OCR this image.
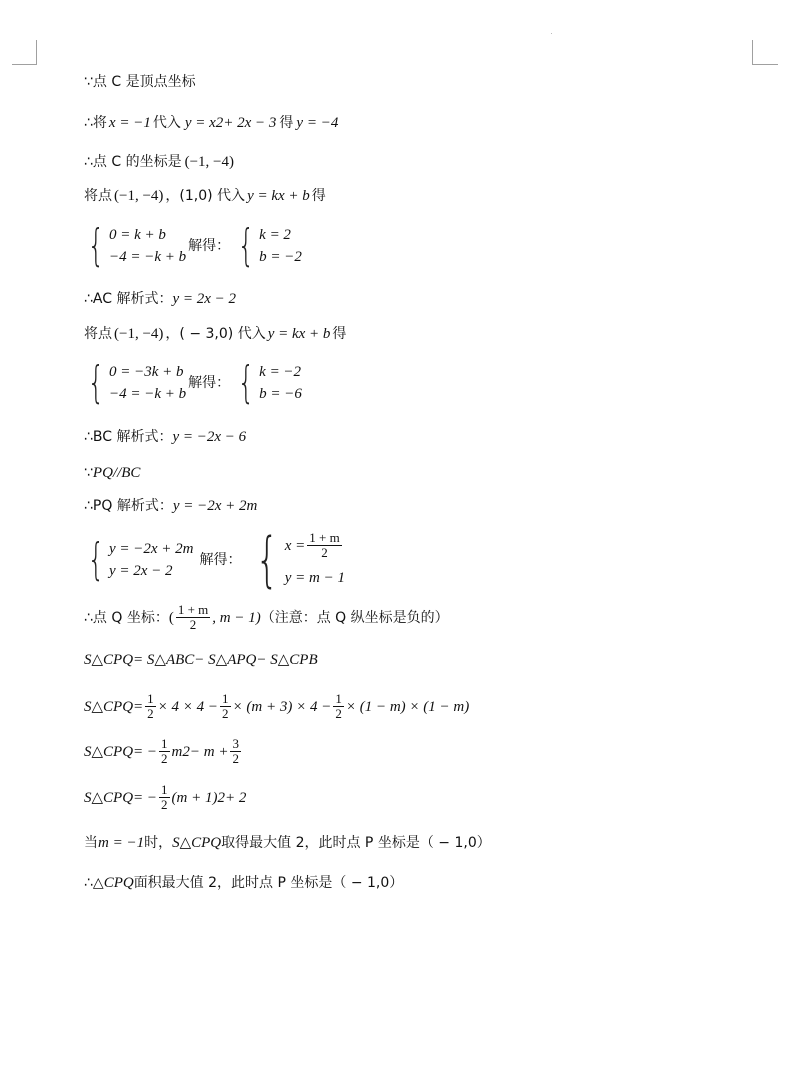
∵点 C 是顶点坐标
∴将 x = −1 代入 y = x 2 + 2x − 3 得 y = −4
∴点 C 的坐标是 (−1, −4)
将点 (−1, −4) ，(1,0) 代入 y = kx + b 得
{ 0 = k + b
−4 = −k + b
解得： { k = 2
b = −2
∴AC 解析式： y = 2x − 2
将点 (−1, −4) ，( − 3,0) 代入 y = kx + b 得
{ 0 = −3k + b
−4 = −k + b
解得： { k = −2
b = −6
∴BC 解析式： y = −2x − 6
∵ PQ//BC
∴PQ 解析式： y = −2x + 2m
{ y = −2x + 2m
y = 2x − 2
解得： { $x = \frac{1 + m}{2}$
y = m − 1
∴点 Q 坐标： ( $\frac{1 + m}{2}$ , m − 1) （注意：点 Q 纵坐标是负的）
S △CPQ = S △ABC − S △APQ − S △CPB
S △CPQ = $\frac{1}{2} \times 4 \times 4 - \frac{1}{2} \times (m + 3) \times 4 - \frac{1}{2} \times (1 - m) \times (1 - m)$
S △CPQ = − $\frac{1}{2}$ m $2 - m + \frac{3}{2}$
S △CPQ = − $\frac{1}{2} (m + 1) 2 + 2$
当 m = −1 时， S △CPQ 取得最大值 2，此时点 P 坐标是（ − 1,0）
∴△ CPQ 面积最大值 2，此时点 P 坐标是（ − 1,0）
